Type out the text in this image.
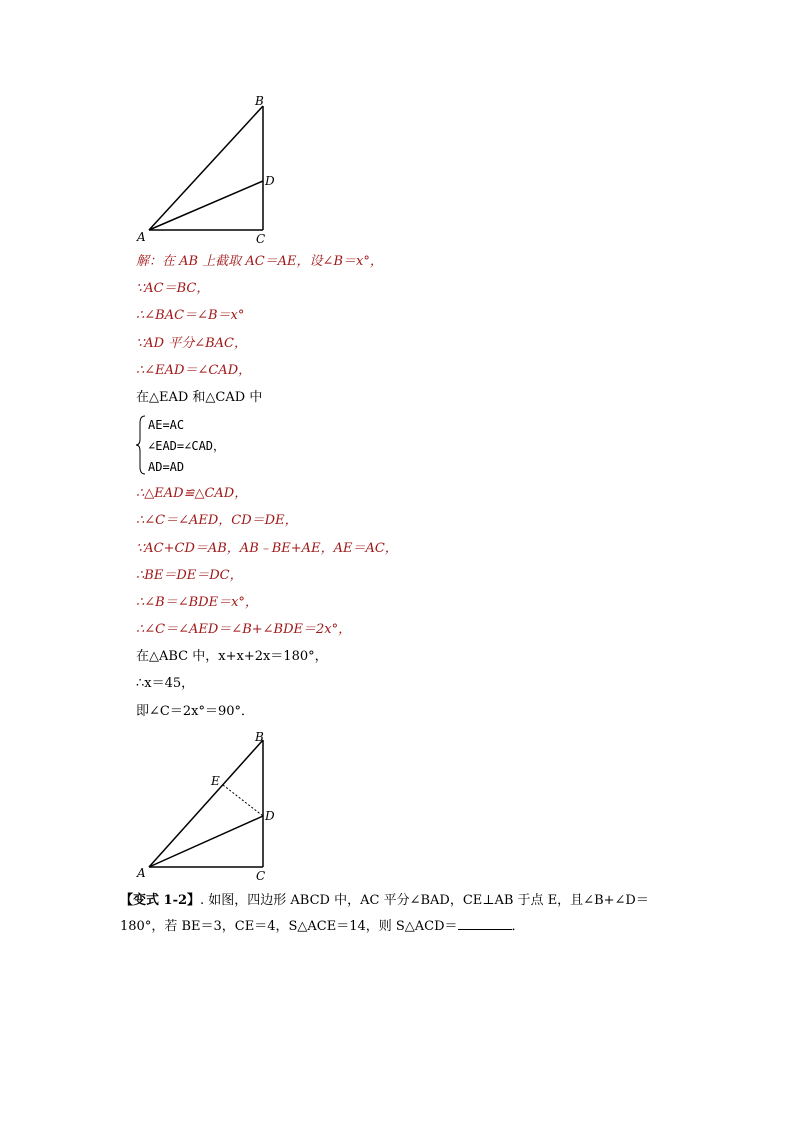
B
D
A	C
解：在 AB 上截取 AC＝AE，设∠B＝x°，
∵AC＝BC，
∴∠BAC＝∠B＝x°
∵AD 平分∠BAC，
∴∠EAD＝∠CAD，
在△EAD 和△CAD 中
AE=AC
∠EAD=∠CAD，
AD=AD
∴△EAD≌△CAD，
∴∠C＝∠AED，CD＝DE，
∵AC+CD＝AB，AB﹣BE+AE，AE＝AC，
∴BE＝DE＝DC，
∴∠B＝∠BDE＝x°，
∴∠C＝∠AED＝∠B+∠BDE＝2x°，
在△ABC 中，x+x+2x＝180°，
∴x＝45，
即∠C＝2x°＝90°．
B
E
D
A	C
【变式 1-2】. 如图，四边形 ABCD 中，AC 平分∠BAD，CE⊥AB 于点 E，且∠B+∠D＝
180°，若 BE＝3，CE＝4，S△ACE＝14，则 S△ACD＝	．
